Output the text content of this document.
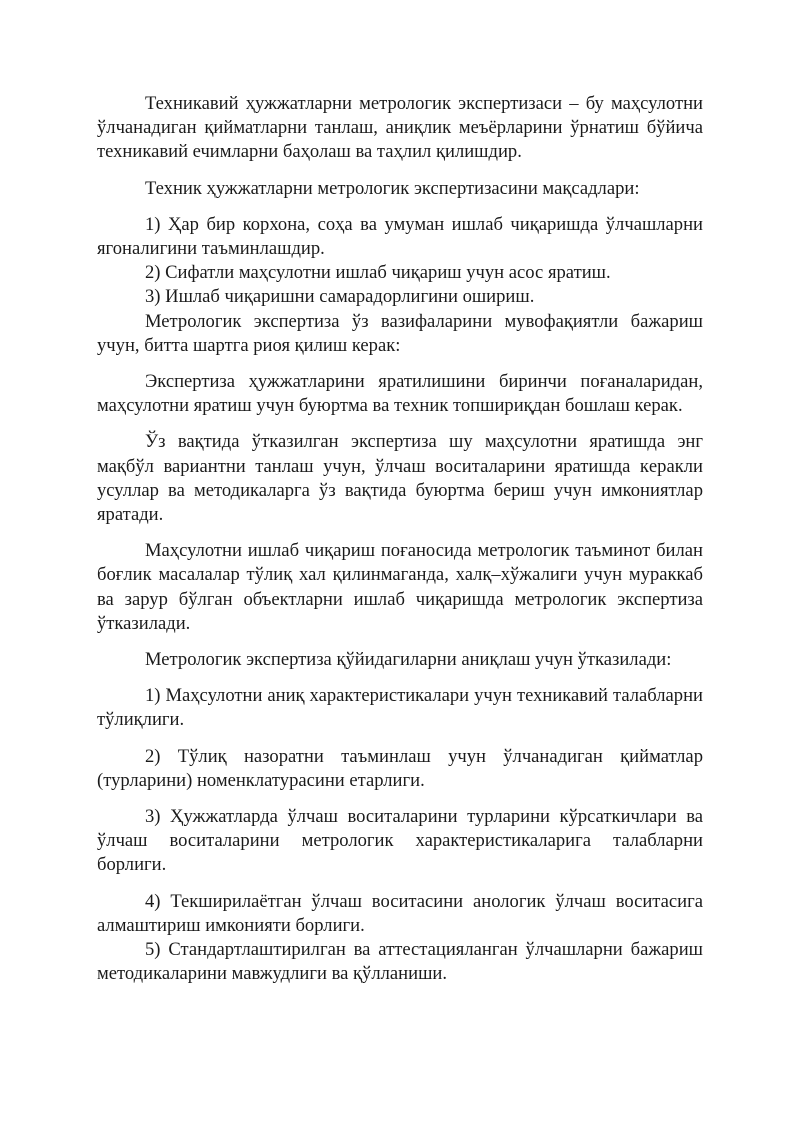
Техникавий ҳужжатларни метрологик экспертизаси – бу маҳсулотни ўлчанадиган қийматларни танлаш, аниқлик меъёрларини ўрнатиш бўйича техникавий ечимларни баҳолаш ва таҳлил қилишдир.

Техник ҳужжатларни метрологик экспертизасини мақсадлари:

1) Ҳар бир корхона, соҳа ва умуман ишлаб чиқаришда ўлчашларни ягоналигини таъминлашдир.

2) Сифатли маҳсулотни ишлаб чиқариш учун асос яратиш.

3) Ишлаб чиқаришни самарадорлигини ошириш.

Метрологик экспертиза ўз вазифаларини мувофақиятли бажариш учун, битта шартга риоя қилиш керак:

Экспертиза ҳужжатларини яратилишини биринчи поғаналаридан, маҳсулотни яратиш учун буюртма ва техник топшириқдан бошлаш керак.

Ўз вақтида ўтказилган экспертиза шу маҳсулотни яратишда энг мақбўл вариантни танлаш учун, ўлчаш воситаларини яратишда кeракли усуллар ва методикаларга ўз вақтида буюртма бериш учун имкониятлар яратади.

Маҳсулотни ишлаб чиқариш поғаносида метрологик таъминот билан боғлик масалалар тўлиқ хал қилинмаганда, халқ–хўжалиги учун мураккаб ва зарур бўлган объектларни ишлаб чиқаришда метрологик экспертиза ўтказилади.

Метрологик экспертиза қўйидагиларни аниқлаш учун ўтказилади:

1) Маҳсулотни аниқ характеристикалари учун техникавий талабларни тўлиқлиги.

2) Тўлиқ назоратни таъминлаш учун ўлчанадиган қийматлар (турларини) номенклатурасини етарлиги.

3) Ҳужжатларда ўлчаш воситаларини турларини кўрсаткичлари ва ўлчаш воситаларини метрологик характеристикаларига талабларни борлиги.

4) Текширилаётган ўлчаш воситасини анологик ўлчаш воситасига алмаштириш имконияти борлиги.

5) Стандартлаштирилган ва аттестацияланган ўлчашларни бажариш методикаларини мавжудлиги ва қўлланиши.
